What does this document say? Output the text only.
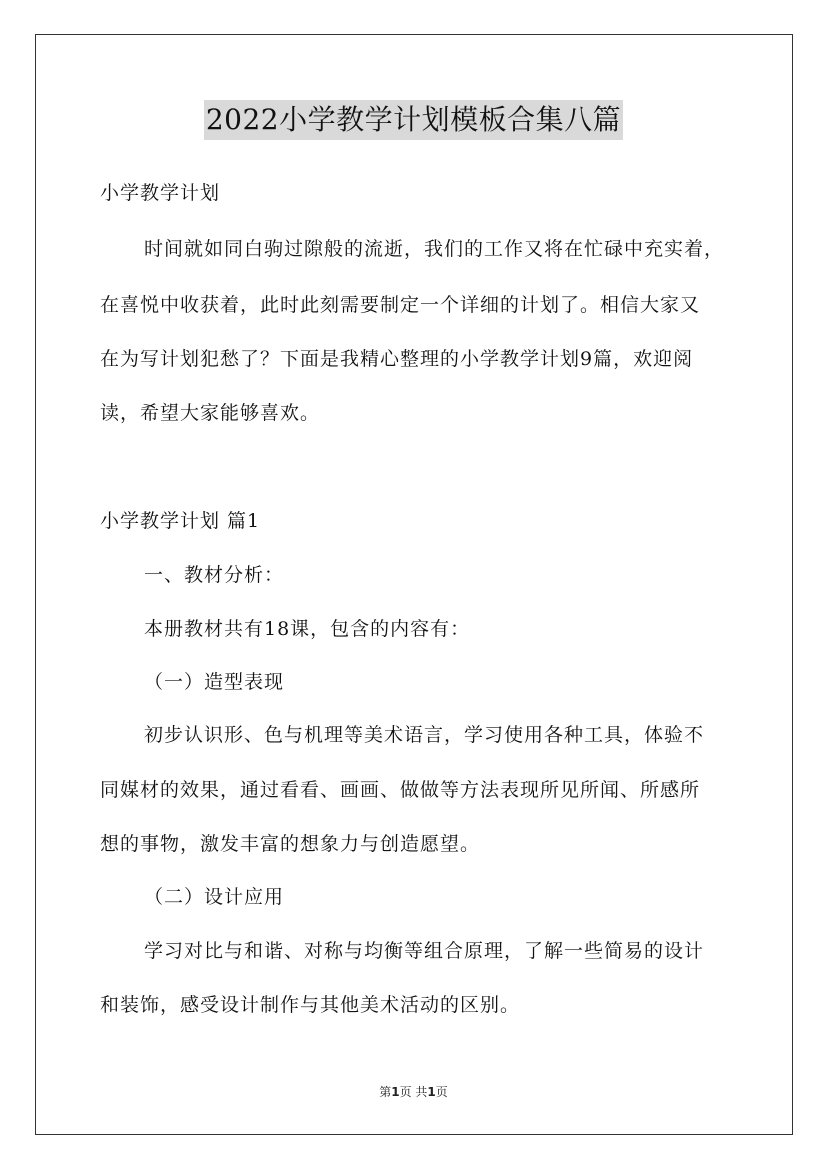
2022小学教学计划模板合集八篇
小学教学计划
时间就如同白驹过隙般的流逝，我们的工作又将在忙碌中充实着，
在喜悦中收获着，此时此刻需要制定一个详细的计划了。相信大家又
在为写计划犯愁了？下面是我精心整理的小学教学计划9篇，欢迎阅
读，希望大家能够喜欢。
小学教学计划 篇1
一、教材分析：
本册教材共有18课，包含的内容有：
（一）造型表现
初步认识形、色与机理等美术语言，学习使用各种工具，体验不
同媒材的效果，通过看看、画画、做做等方法表现所见所闻、所感所
想的事物，激发丰富的想象力与创造愿望。
（二）设计应用
学习对比与和谐、对称与均衡等组合原理，了解一些简易的设计
和装饰，感受设计制作与其他美术活动的区别。
第1页 共1页
